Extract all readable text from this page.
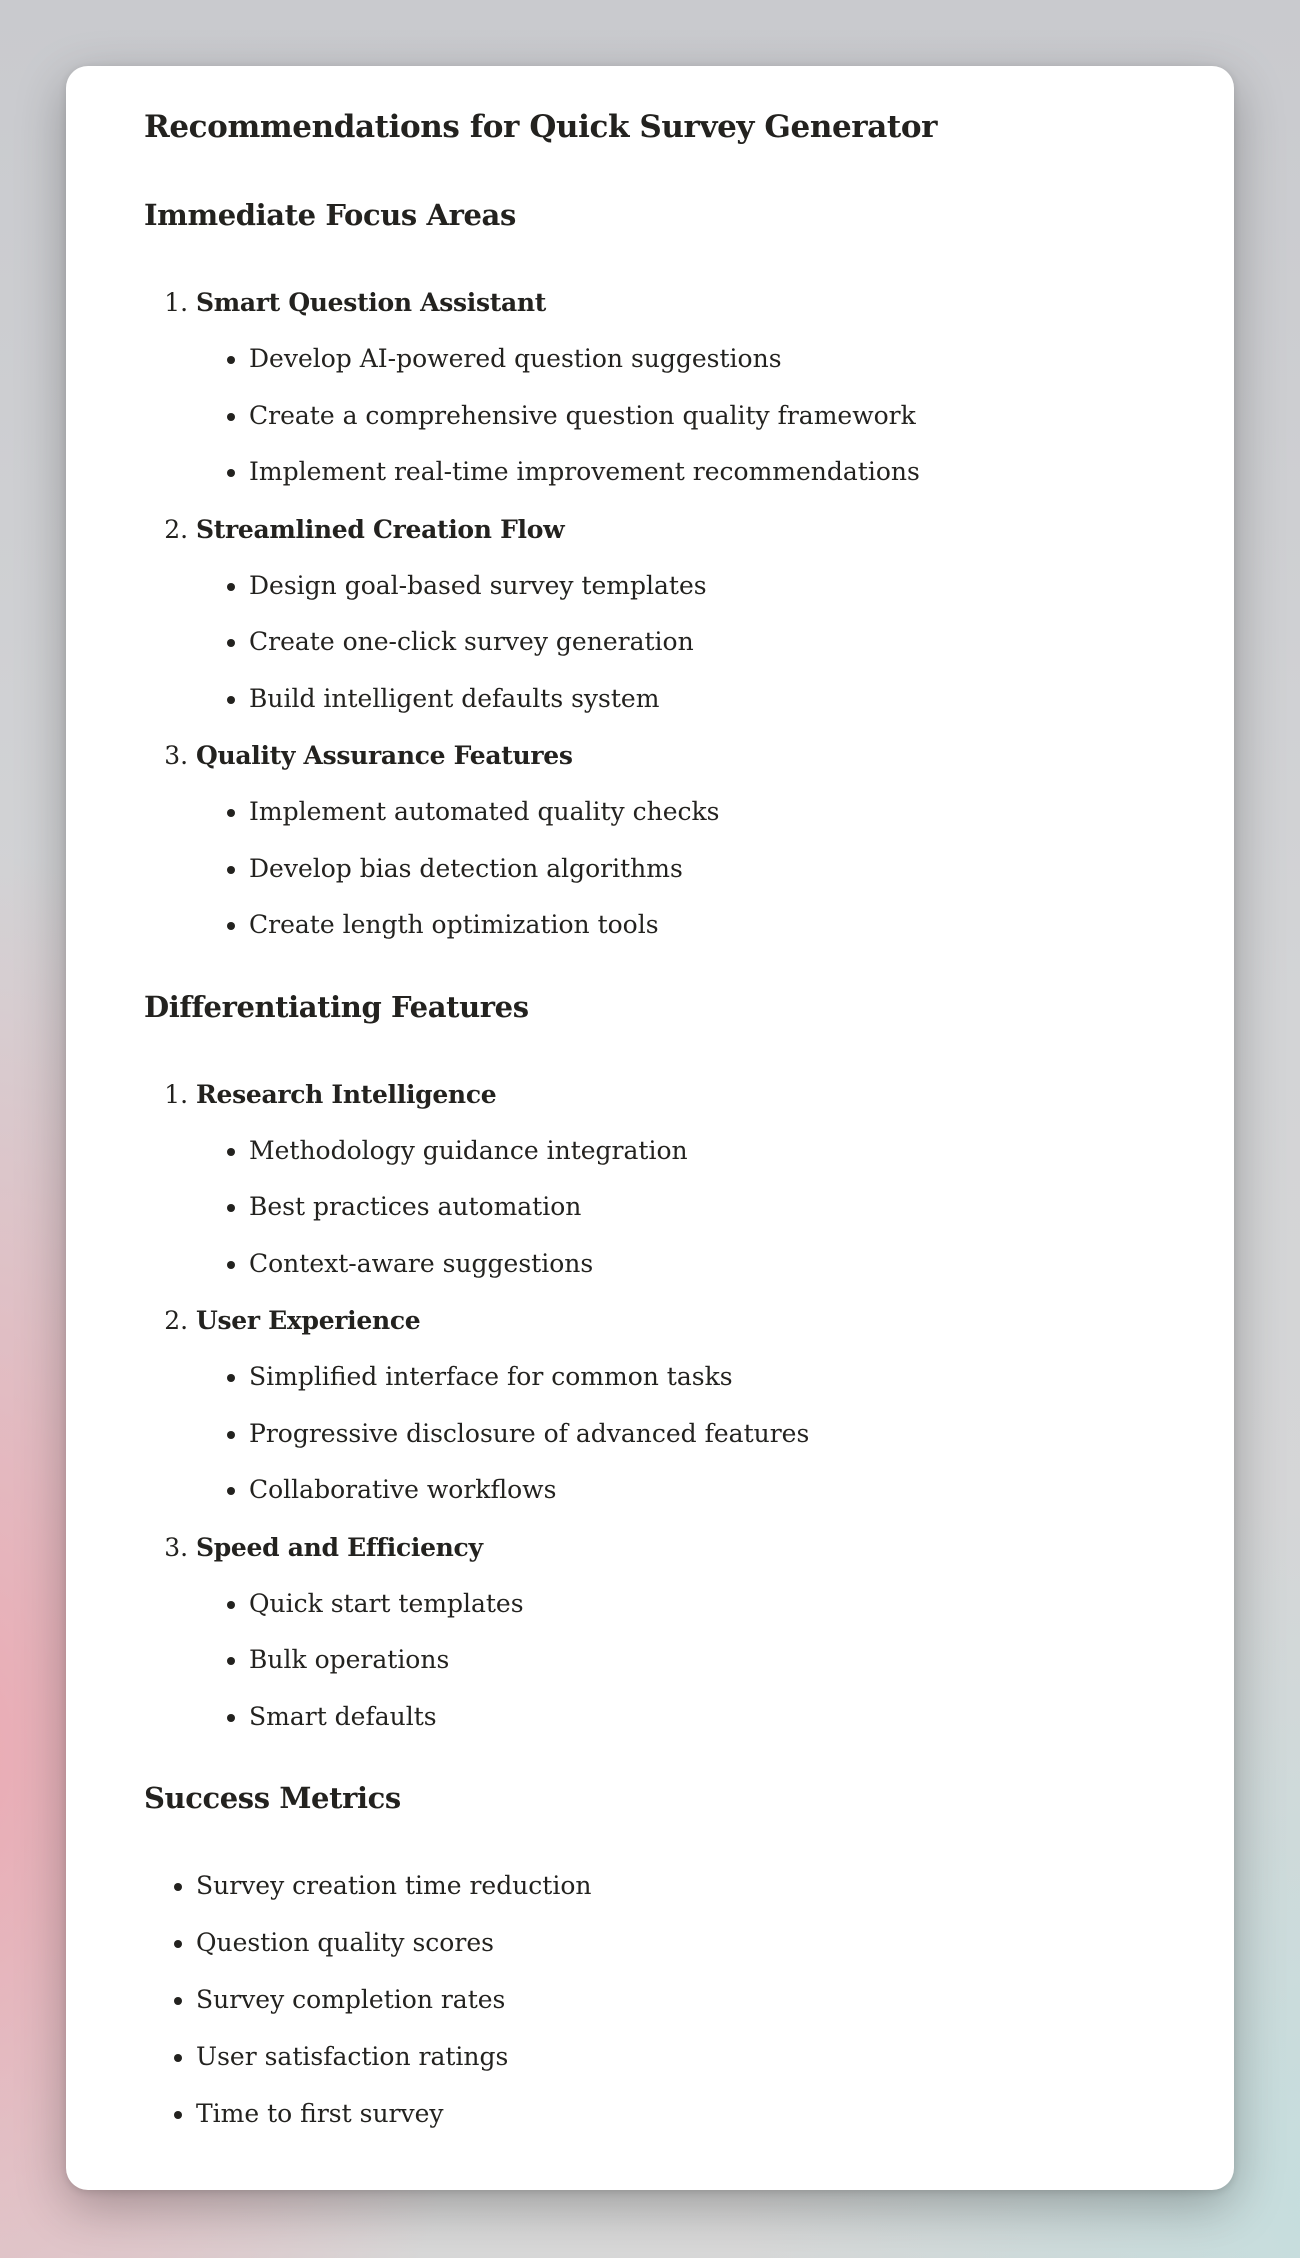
Recommendations for Quick Survey Generator
Immediate Focus Areas
1. Smart Question Assistant
• Develop AI-powered question suggestions
• Create a comprehensive question quality framework
• Implement real-time improvement recommendations
2. Streamlined Creation Flow
• Design goal-based survey templates
• Create one-click survey generation
• Build intelligent defaults system
3. Quality Assurance Features
• Implement automated quality checks
• Develop bias detection algorithms
• Create length optimization tools
Differentiating Features
1. Research Intelligence
• Methodology guidance integration
• Best practices automation
• Context-aware suggestions
2. User Experience
• Simplified interface for common tasks
• Progressive disclosure of advanced features
• Collaborative workflows
3. Speed and Efficiency
• Quick start templates
• Bulk operations
• Smart defaults
Success Metrics
• Survey creation time reduction
• Question quality scores
• Survey completion rates
• User satisfaction ratings
• Time to first survey
